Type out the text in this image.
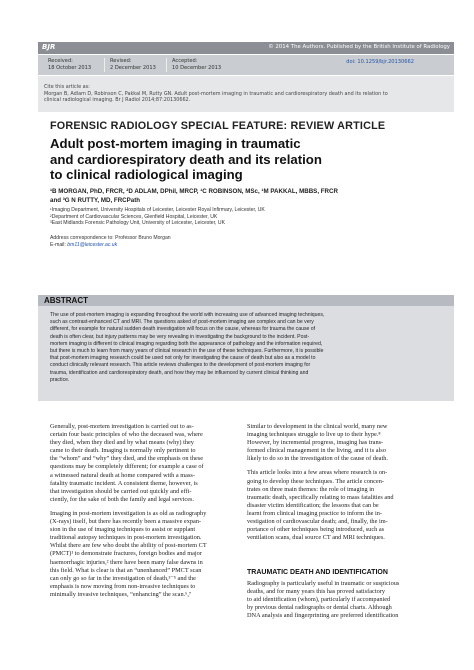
BJR	© 2014 The Authors. Published by the British Institute of Radiology
Received:
18 October 2013
Revised:
2 December 2013
Accepted:
10 December 2013
doi: 10.1259/bjr.20130662
Cite this article as:
Morgan B, Adlam D, Robinson C, Pakkal M, Rutty GN. Adult post-mortem imaging in traumatic and cardiorespiratory death and its relation to
clinical radiological imaging. Br J Radiol 2014;87:20130662.
FORENSIC RADIOLOGY SPECIAL FEATURE: REVIEW ARTICLE
Adult post-mortem imaging in traumatic
and cardiorespiratory death and its relation
to clinical radiological imaging
¹B MORGAN, PhD, FRCR, ²D ADLAM, DPhil, MRCP, ¹C ROBINSON, MSc, ¹M PAKKAL, MBBS, FRCR
and ³G N RUTTY, MD, FRCPath
¹Imaging Department, University Hospitals of Leicester, Leicester Royal Infirmary, Leicester, UK
²Department of Cardiovascular Sciences, Glenfield Hospital, Leicester, UK
³East Midlands Forensic Pathology Unit, University of Leicester, Leicester, UK
Address correspondence to: Professor Bruno Morgan
E-mail: bm11@leicester.ac.uk
ABSTRACT
The use of post-mortem imaging is expanding throughout the world with increasing use of advanced imaging techniques,
such as contrast-enhanced CT and MRI. The questions asked of post-mortem imaging are complex and can be very
different, for example for natural sudden death investigation will focus on the cause, whereas for trauma the cause of
death is often clear, but injury patterns may be very revealing in investigating the background to the incident. Post-
mortem imaging is different to clinical imaging regarding both the appearance of pathology and the information required,
but there is much to learn from many years of clinical research in the use of these techniques. Furthermore, it is possible
that post-mortem imaging research could be used not only for investigating the cause of death but also as a model to
conduct clinically relevant research. This article reviews challenges to the development of post-mortem imaging for
trauma, identification and cardiorespiratory death, and how they may be influenced by current clinical thinking and
practice.
Generally, post-mortem investigation is carried out to as-
certain four basic principles of who the deceased was, where
they died, when they died and by what means (why) they
came to their death. Imaging is normally only pertinent to
the “whom” and “why” they died, and the emphasis on these
questions may be completely different; for example a case of
a witnessed natural death at home compared with a mass-
fatality traumatic incident. A consistent theme, however, is
that investigation should be carried out quickly and effi-
ciently, for the sake of both the family and legal services.
Imaging in post-mortem investigation is as old as radiography
(X-rays) itself, but there has recently been a massive expan-
sion in the use of imaging techniques to assist or supplant
traditional autopsy techniques in post-mortem investigation.
Whilst there are few who doubt the ability of post-mortem CT
(PMCT)¹ to demonstrate fractures, foreign bodies and major
haemorrhagic injuries,² there have been many false dawns in
this field. What is clear is that an “unenhanced” PMCT scan
can only go so far in the investigation of death,³⁻⁵ and the
emphasis is now moving from non-invasive techniques to
minimally invasive techniques, “enhancing” the scan.⁶,⁷
Similar to development in the clinical world, many new
imaging techniques struggle to live up to their hype.⁸
However, by incremental progress, imaging has trans-
formed clinical management in the living, and it is also
likely to do so in the investigation of the cause of death.
This article looks into a few areas where research is on-
going to develop these techniques. The article concen-
trates on three main themes: the role of imaging in
traumatic death, specifically relating to mass fatalities and
disaster victim identification; the lessons that can be
learnt from clinical imaging practice to inform the in-
vestigation of cardiovascular death; and, finally, the im-
portance of other techniques being introduced, such as
ventilation scans, dual source CT and MRI techniques.
TRAUMATIC DEATH AND IDENTIFICATION
Radiography is particularly useful in traumatic or suspicious
deaths, and for many years this has proved satisfactory
to aid identification (whom), particularly if accompanied
by previous dental radiographs or dental charts. Although
DNA analysis and fingerprinting are preferred identification
